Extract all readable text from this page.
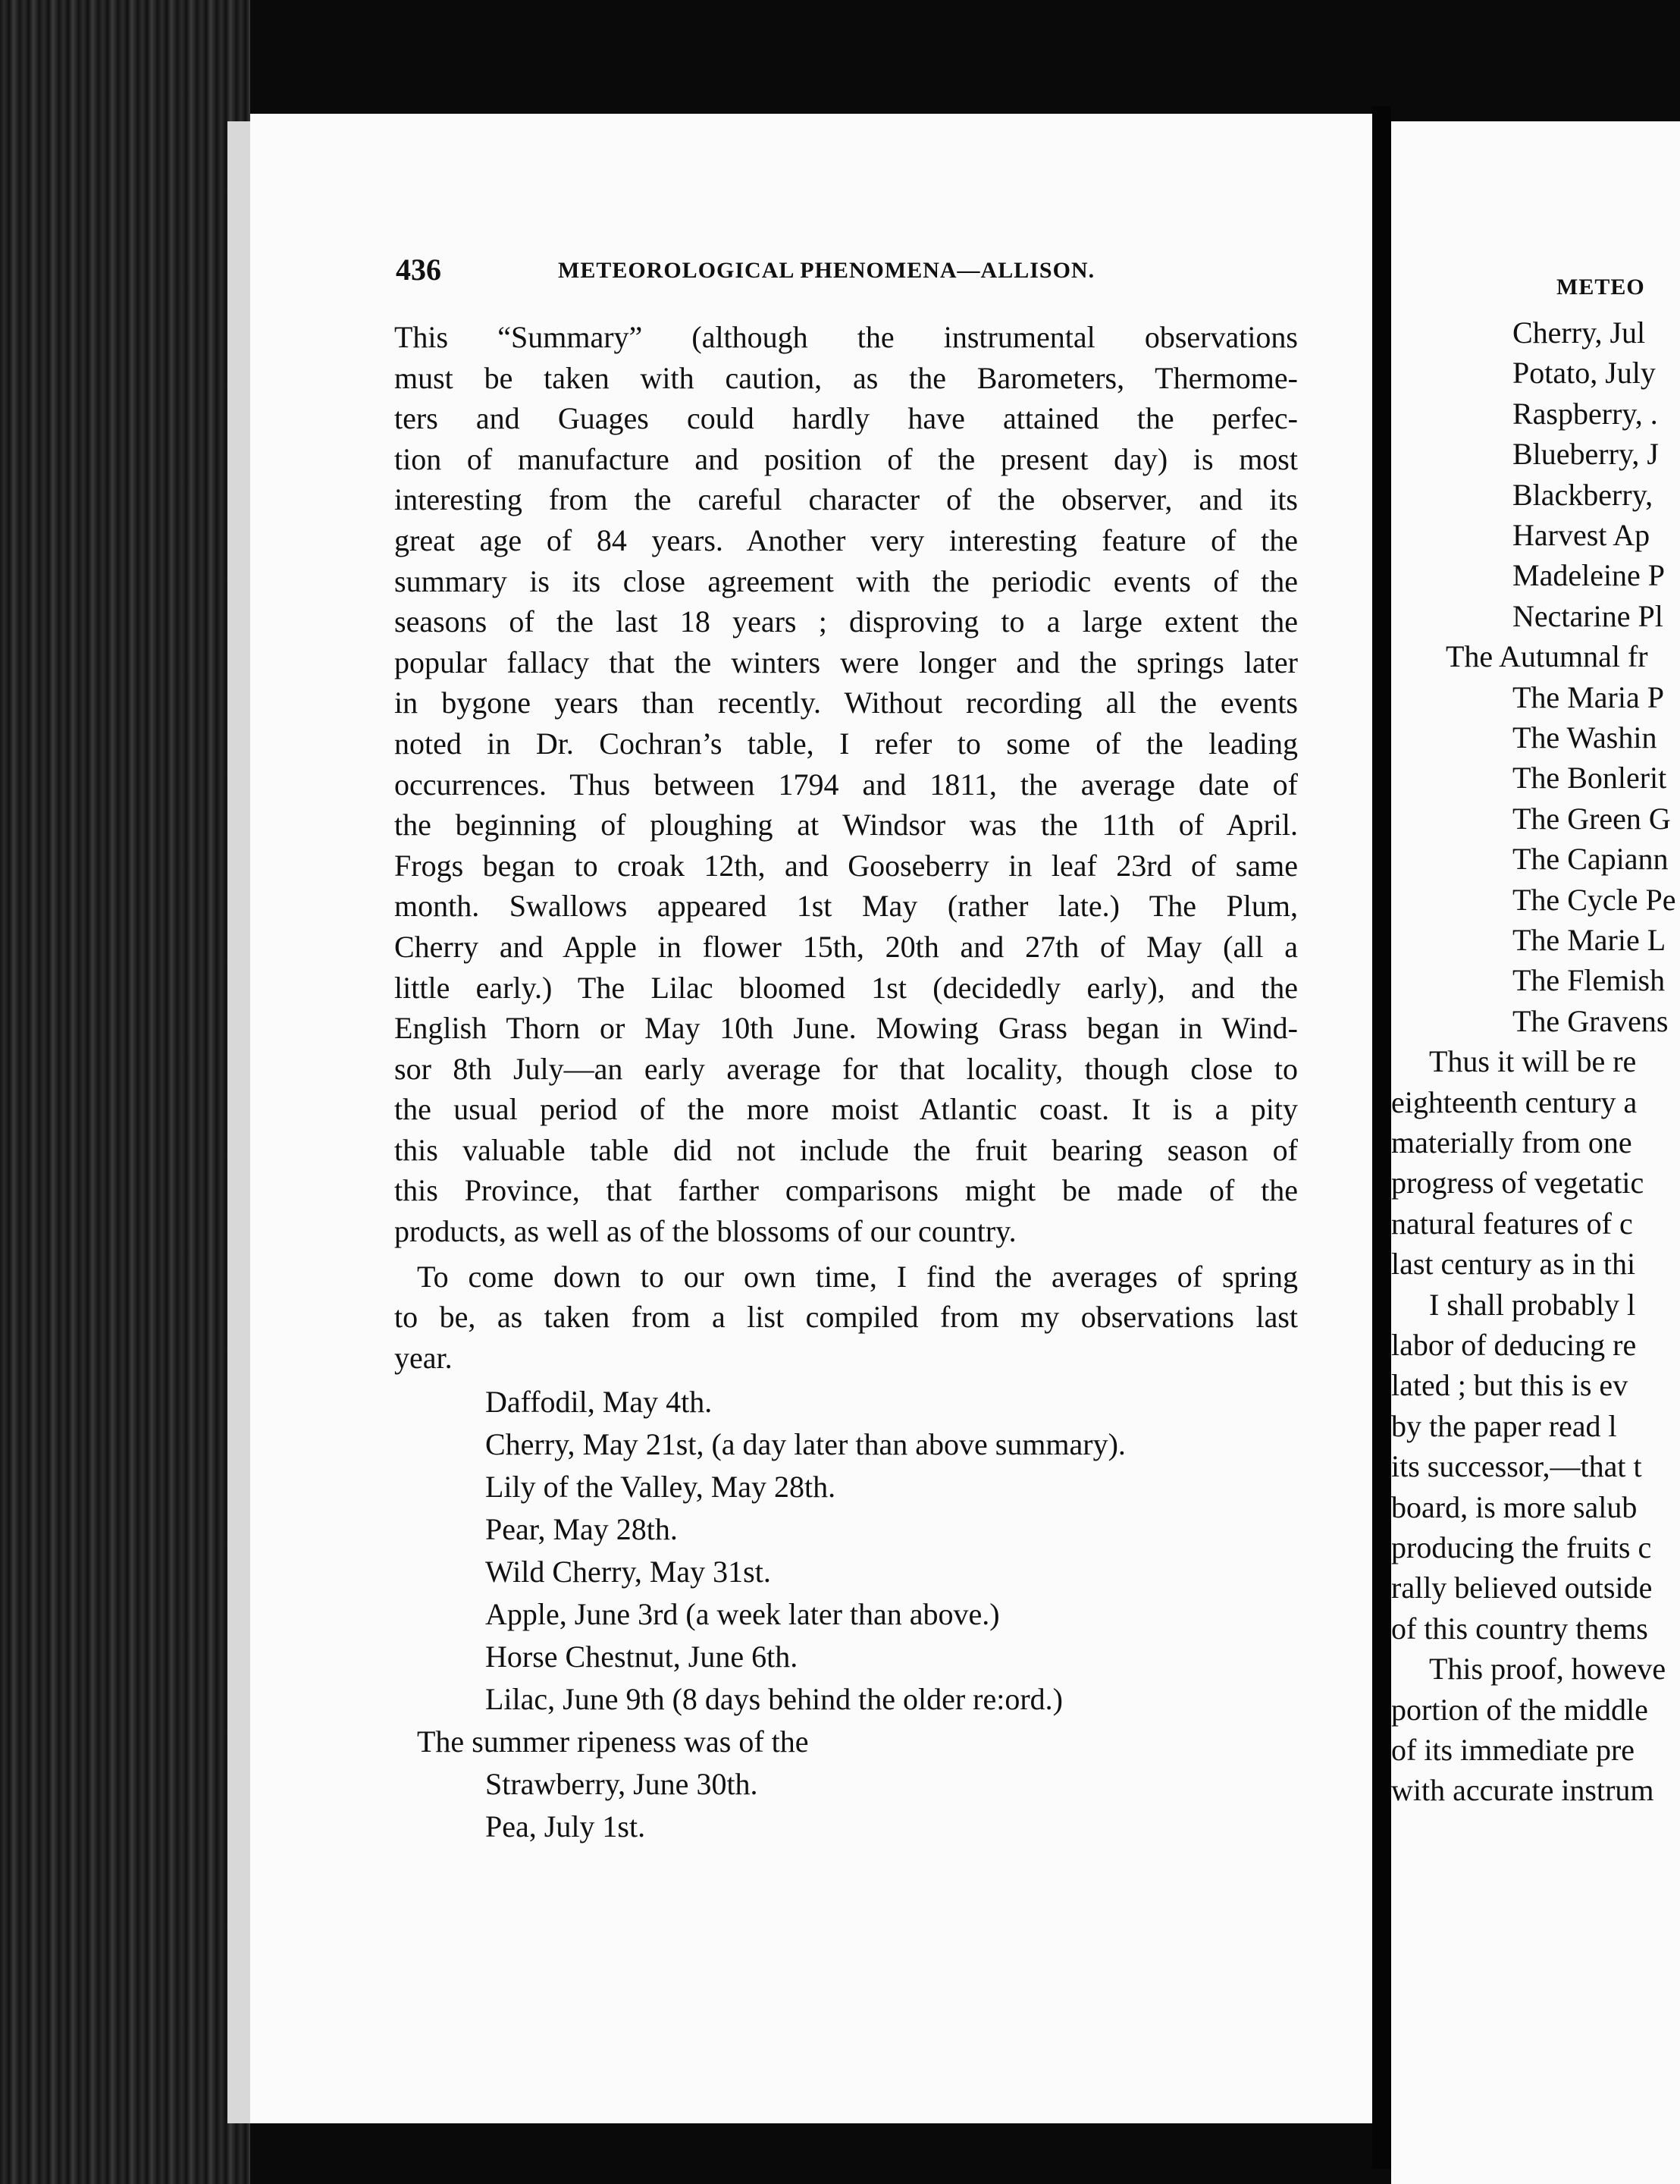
METEO
Cherry, Jul
Potato, July
Raspberry, .
Blueberry, J
Blackberry,
Harvest Ap
Madeleine P
Nectarine Pl
The Autumnal fr
The Maria P
The Washin
The Bonlerit
The Green G
The Capiann
The Cycle Pe
The Marie L
The Flemish
The Gravens
Thus it will be re
eighteenth century a
materially from one
progress of vegetatic
natural features of c
last century as in thi
I shall probably l
labor of deducing re
lated ; but this is ev
by the paper read l
its successor,—that t
board, is more salub
producing the fruits c
rally believed outside
of this country thems
This proof, howeve
portion of the middle
of its immediate pre
with accurate instrum
436	METEOROLOGICAL PHENOMENA—ALLISON.
This “Summary” (although the instrumental observations
must be taken with caution, as the Barometers, Thermome-
ters and Guages could hardly have attained the perfec-
tion of manufacture and position of the present day) is most
interesting from the careful character of the observer, and its
great age of 84 years. Another very interesting feature of the
summary is its close agreement with the periodic events of the
seasons of the last 18 years ; disproving to a large extent the
popular fallacy that the winters were longer and the springs later
in bygone years than recently. Without recording all the events
noted in Dr. Cochran’s table, I refer to some of the leading
occurrences. Thus between 1794 and 1811, the average date of
the beginning of ploughing at Windsor was the 11th of April.
Frogs began to croak 12th, and Gooseberry in leaf 23rd of same
month. Swallows appeared 1st May (rather late.) The Plum,
Cherry and Apple in flower 15th, 20th and 27th of May (all a
little early.) The Lilac bloomed 1st (decidedly early), and the
English Thorn or May 10th June. Mowing Grass began in Wind-
sor 8th July—an early average for that locality, though close to
the usual period of the more moist Atlantic coast. It is a pity
this valuable table did not include the fruit bearing season of
this Province, that farther comparisons might be made of the
products, as well as of the blossoms of our country.
To come down to our own time, I find the averages of spring
to be, as taken from a list compiled from my observations last
year.
Daffodil, May 4th.
Cherry, May 21st, (a day later than above summary).
Lily of the Valley, May 28th.
Pear, May 28th.
Wild Cherry, May 31st.
Apple, June 3rd (a week later than above.)
Horse Chestnut, June 6th.
Lilac, June 9th (8 days behind the older re:ord.)
The summer ripeness was of the
Strawberry, June 30th.
Pea, July 1st.
